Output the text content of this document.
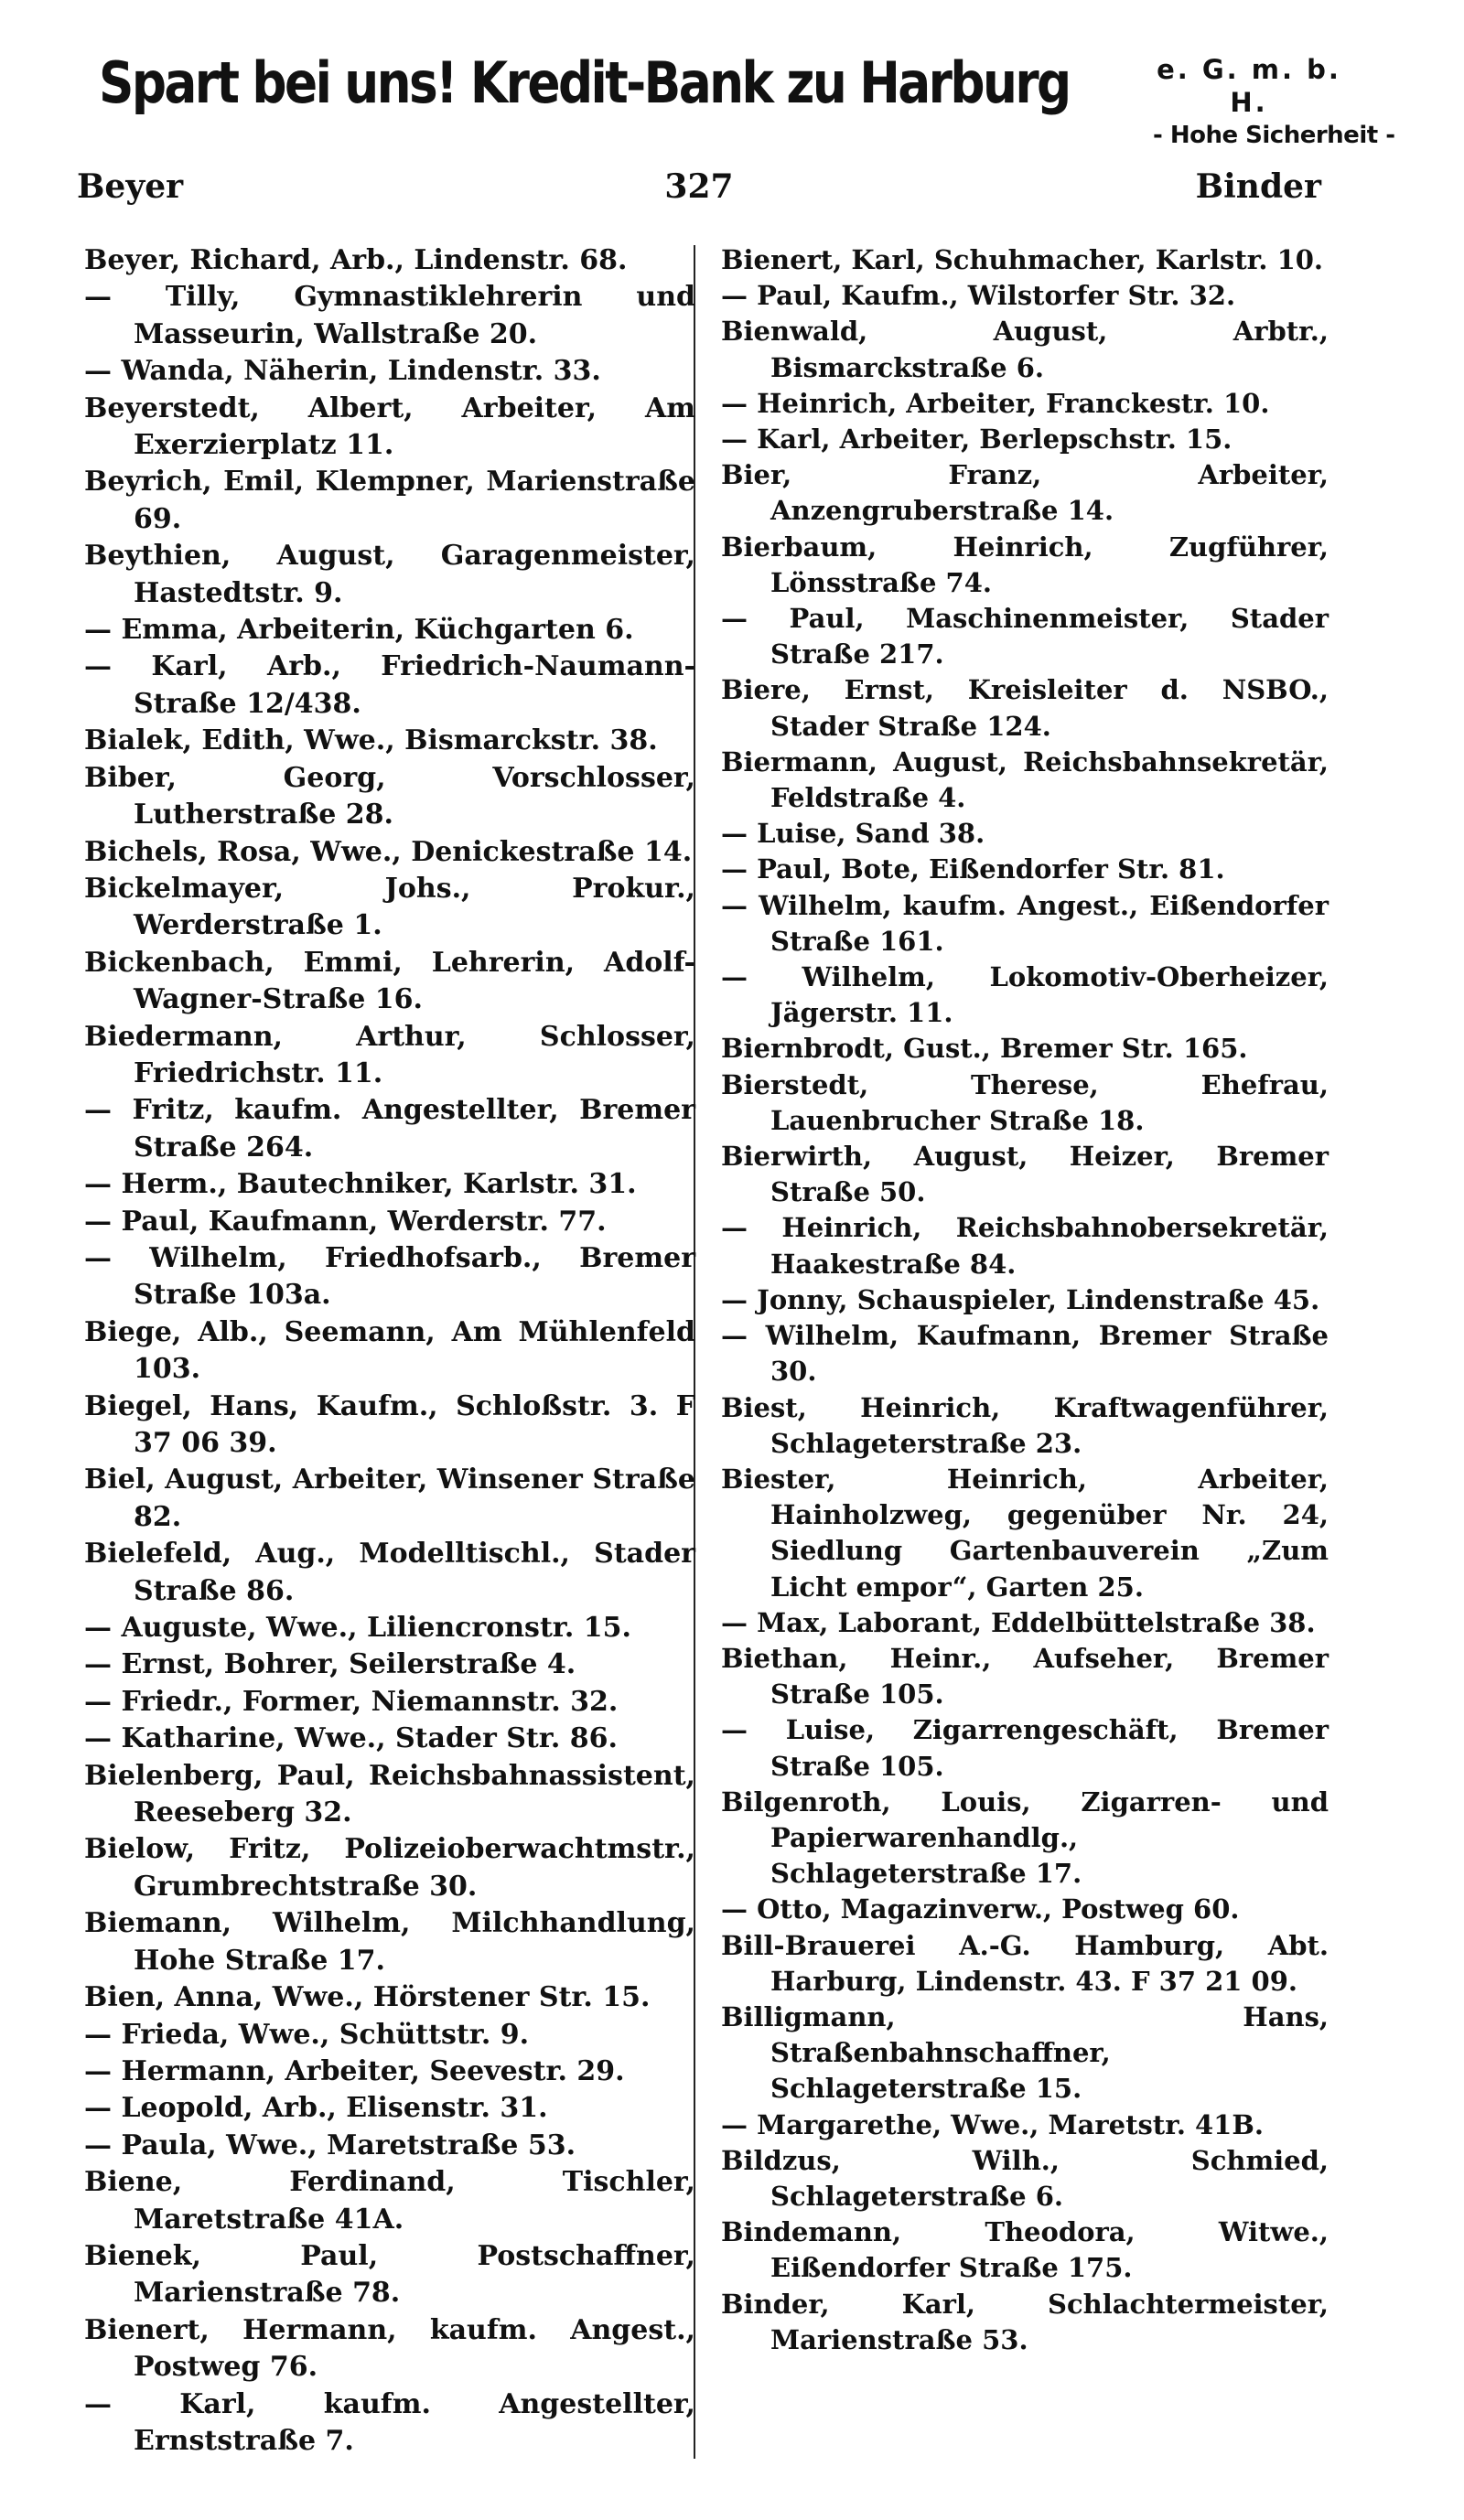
Spart bei uns! Kredit-Bank zu Harburg	e. G. m. b. H.
- Hohe Sicherheit -
327
Beyer	Binder

Beyer, Richard, Arb., Lindenstr. 68.

— Tilly, Gymnastiklehrerin und Masseurin, Wallstraße 20.

— Wanda, Näherin, Lindenstr. 33.

Beyerstedt, Albert, Arbeiter, Am Exerzierplatz 11.

Beyrich, Emil, Klempner, Marienstraße 69.

Beythien, August, Garagenmeister, Hastedtstr. 9.

— Emma, Arbeiterin, Küchgarten 6.

— Karl, Arb., Friedrich-Naumann-Straße 12/438.

Bialek, Edith, Wwe., Bismarckstr. 38.

Biber, Georg, Vorschlosser, Lutherstraße 28.

Bichels, Rosa, Wwe., Denickestraße 14.

Bickelmayer, Johs., Prokur., Werderstraße 1.

Bickenbach, Emmi, Lehrerin, Adolf-Wagner-Straße 16.

Biedermann, Arthur, Schlosser, Friedrichstr. 11.

— Fritz, kaufm. Angestellter, Bremer Straße 264.

— Herm., Bautechniker, Karlstr. 31.

— Paul, Kaufmann, Werderstr. 77.

— Wilhelm, Friedhofsarb., Bremer Straße 103a.

Biege, Alb., Seemann, Am Mühlenfeld 103.

Biegel, Hans, Kaufm., Schloßstr. 3. F 37 06 39.

Biel, August, Arbeiter, Winsener Straße 82.

Bielefeld, Aug., Modelltischl., Stader Straße 86.

— Auguste, Wwe., Liliencronstr. 15.

— Ernst, Bohrer, Seilerstraße 4.

— Friedr., Former, Niemannstr. 32.

— Katharine, Wwe., Stader Str. 86.

Bielenberg, Paul, Reichsbahnassistent, Reeseberg 32.

Bielow, Fritz, Polizeioberwachtmstr., Grumbrechtstraße 30.

Biemann, Wilhelm, Milchhandlung, Hohe Straße 17.

Bien, Anna, Wwe., Hörstener Str. 15.

— Frieda, Wwe., Schüttstr. 9.

— Hermann, Arbeiter, Seevestr. 29.

— Leopold, Arb., Elisenstr. 31.

— Paula, Wwe., Maretstraße 53.

Biene, Ferdinand, Tischler, Maretstraße 41A.

Bienek, Paul, Postschaffner, Marienstraße 78.

Bienert, Hermann, kaufm. Angest., Postweg 76.

— Karl, kaufm. Angestellter, Ernststraße 7.

Bienert, Karl, Schuhmacher, Karlstr. 10.

— Paul, Kaufm., Wilstorfer Str. 32.

Bienwald, August, Arbtr., Bismarckstraße 6.

— Heinrich, Arbeiter, Franckestr. 10.

— Karl, Arbeiter, Berlepschstr. 15.

Bier, Franz, Arbeiter, Anzengruberstraße 14.

Bierbaum, Heinrich, Zugführer, Lönsstraße 74.

— Paul, Maschinenmeister, Stader Straße 217.

Biere, Ernst, Kreisleiter d. NSBO., Stader Straße 124.

Biermann, August, Reichsbahnsekretär, Feldstraße 4.

— Luise, Sand 38.

— Paul, Bote, Eißendorfer Str. 81.

— Wilhelm, kaufm. Angest., Eißendorfer Straße 161.

— Wilhelm, Lokomotiv-Oberheizer, Jägerstr. 11.

Biernbrodt, Gust., Bremer Str. 165.

Bierstedt, Therese, Ehefrau, Lauenbrucher Straße 18.

Bierwirth, August, Heizer, Bremer Straße 50.

— Heinrich, Reichsbahnobersekretär, Haakestraße 84.

— Jonny, Schauspieler, Lindenstraße 45.

— Wilhelm, Kaufmann, Bremer Straße 30.

Biest, Heinrich, Kraftwagenführer, Schlageterstraße 23.

Biester, Heinrich, Arbeiter, Hainholzweg, gegenüber Nr. 24, Siedlung Gartenbauverein „Zum Licht empor“, Garten 25.

— Max, Laborant, Eddelbüttelstraße 38.

Biethan, Heinr., Aufseher, Bremer Straße 105.

— Luise, Zigarrengeschäft, Bremer Straße 105.

Bilgenroth, Louis, Zigarren- und Papierwarenhandlg., Schlageterstraße 17.

— Otto, Magazinverw., Postweg 60.

Bill-Brauerei A.-G. Hamburg, Abt. Harburg, Lindenstr. 43. F 37 21 09.

Billigmann, Hans, Straßenbahnschaffner, Schlageterstraße 15.

— Margarethe, Wwe., Maretstr. 41B.

Bildzus, Wilh., Schmied, Schlageterstraße 6.

Bindemann, Theodora, Witwe., Eißendorfer Straße 175.

Binder, Karl, Schlachtermeister, Marienstraße 53.
